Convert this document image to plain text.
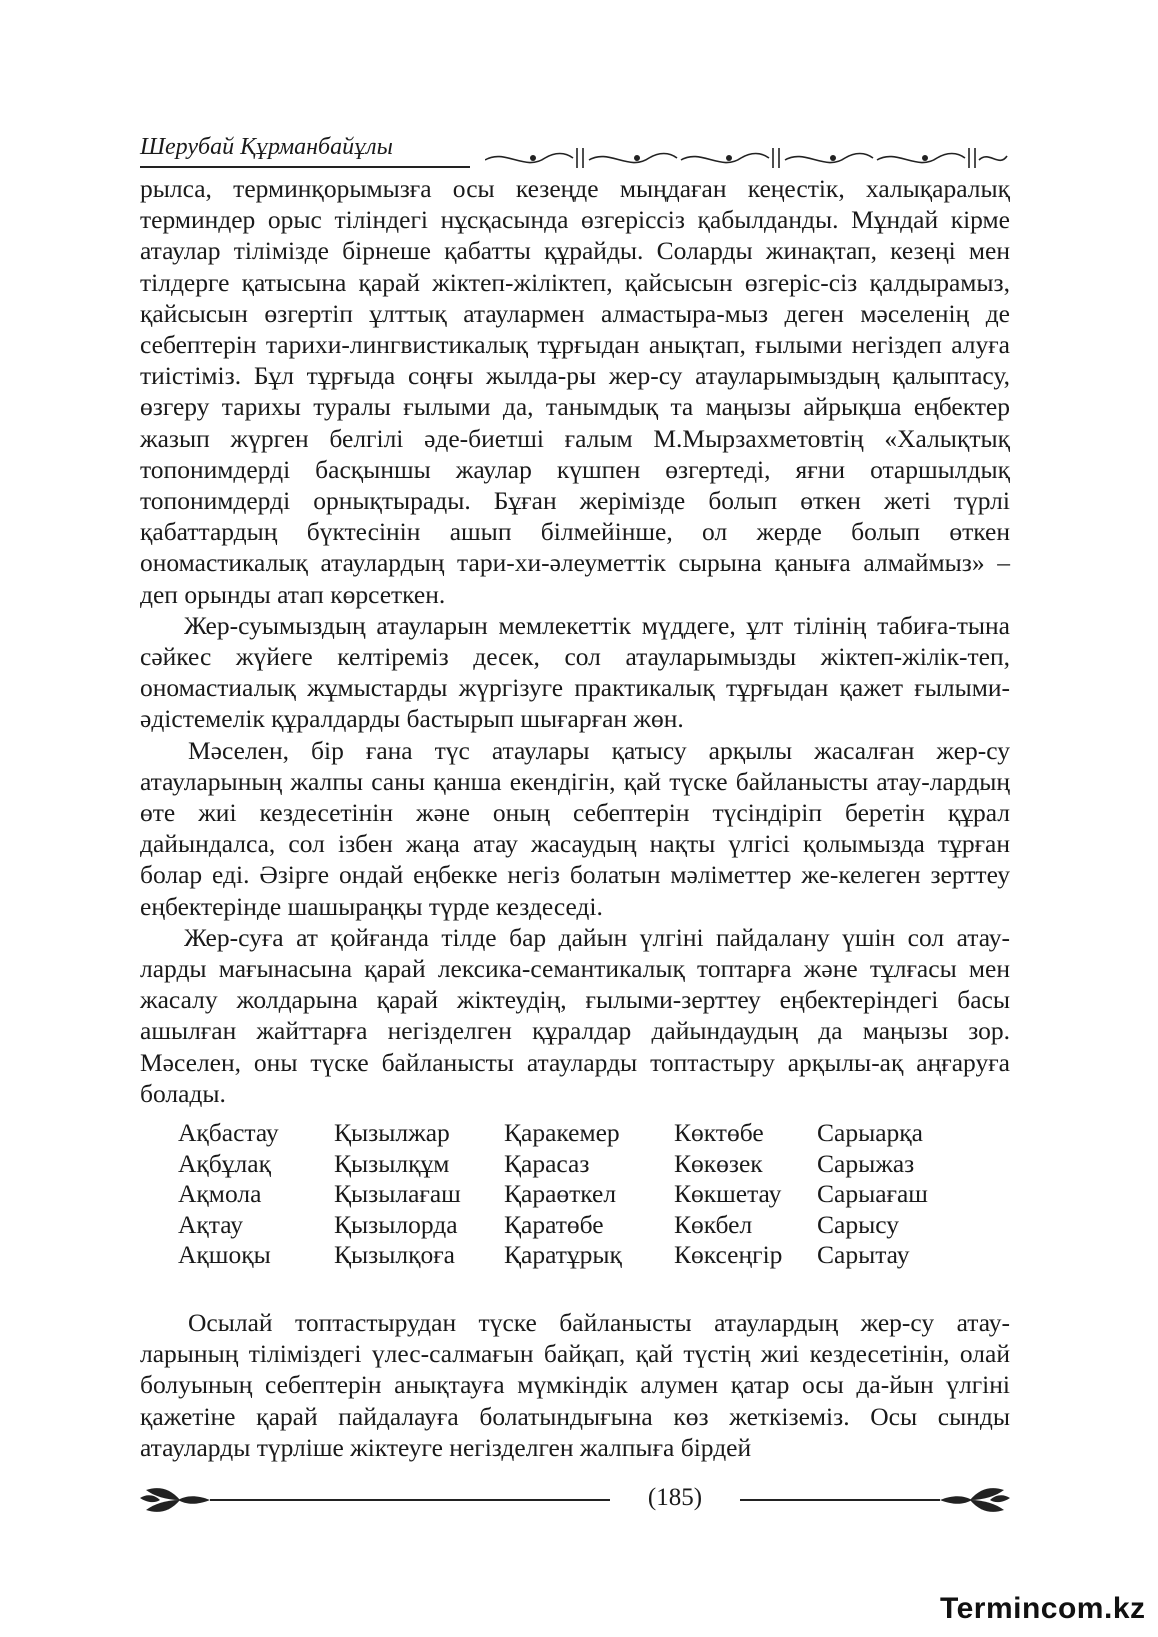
Шерубай Құрманбайұлы

рылса, терминқорымызға осы кезеңде мыңдаған кеңестік, халықаралық терминдер орыс тіліндегі нұсқасында өзгеріссіз қабылданды. Мұндай кірме атаулар тілімізде бірнеше қабатты құрайды. Соларды жинақтап, кезеңі мен тілдерге қатысына қарай жіктеп-жіліктеп, қайсысын өзгеріс-сіз қалдырамыз, қайсысын өзгертіп ұлттық атаулармен алмастыра-мыз деген мәселенің де себептерін тарихи-лингвистикалық тұрғыдан анықтап, ғылыми негіздеп алуға тиістіміз. Бұл тұрғыда соңғы жылда-ры жер-су атауларымыздың қалыптасу, өзгеру тарихы туралы ғылыми да, танымдық та маңызы айрықша еңбектер жазып жүрген белгілі әде-биетші ғалым М.Мырзахметовтің «Халықтық топонимдерді басқыншы жаулар күшпен өзгертеді, яғни отаршылдық топонимдерді орнықтырады. Бұған жерімізде болып өткен жеті түрлі қабаттардың бүктесінін ашып білмейінше, ол жерде болып өткен ономастикалық атаулардың тари-хи-әлеуметтік сырына қаныға алмаймыз» – деп орынды атап көрсеткен.

Жер-суымыздың атауларын мемлекеттік мүддеге, ұлт тілінің табиға-тына сәйкес жүйеге келтіреміз десек, сол атауларымызды жіктеп-жілік-теп, ономастиалық жұмыстарды жүргізуге практикалық тұрғыдан қажет ғылыми-әдістемелік құралдарды бастырып шығарған жөн.

Мәселен, бір ғана түс атаулары қатысу арқылы жасалған жер-су атауларының жалпы саны қанша екендігін, қай түске байланысты атау-лардың өте жиі кездесетінін және оның себептерін түсіндіріп беретін құрал дайындалса, сол ізбен жаңа атау жасаудың нақты үлгісі қолымызда тұрған болар еді. Әзірге ондай еңбекке негіз болатын мәліметтер же-келеген зерттеу еңбектерінде шашыраңқы түрде кездеседі.

Жер-суға ат қойғанда тілде бар дайын үлгіні пайдалану үшін сол атау-ларды мағынасына қарай лексика-семантикалық топтарға және тұлғасы мен жасалу жолдарына қарай жіктеудің, ғылыми-зерттеу еңбектеріндегі басы ашылған жайттарға негізделген құралдар дайындаудың да маңызы зор. Мәселен, оны түске байланысты атауларды топтастыру арқылы-ақ аңғаруға болады.

Ақбастау	Қызылжар	Қаракемер	Көктөбе	Сарыарқа
Ақбұлақ	Қызылқұм	Қарасаз	Көкөзек	Сарыжаз
Ақмола	Қызылағаш	Қараөткел	Көкшетау	Сарыағаш
Ақтау	Қызылорда	Қаратөбе	Көкбел	Сарысу
Ақшоқы	Қызылқоға	Қаратұрық	Көксеңгір	Сарытау

Осылай топтастырудан түске байланысты атаулардың жер-су атау-ларының тіліміздегі үлес-салмағын байқап, қай түстің жиі кездесетінін, олай болуының себептерін анықтауға мүмкіндік алумен қатар осы да-йын үлгіні қажетіне қарай пайдалауға болатындығына көз жеткіземіз. Осы сынды атауларды түрліше жіктеуге негізделген жалпыға бірдей

(185)
Termincom.kz
